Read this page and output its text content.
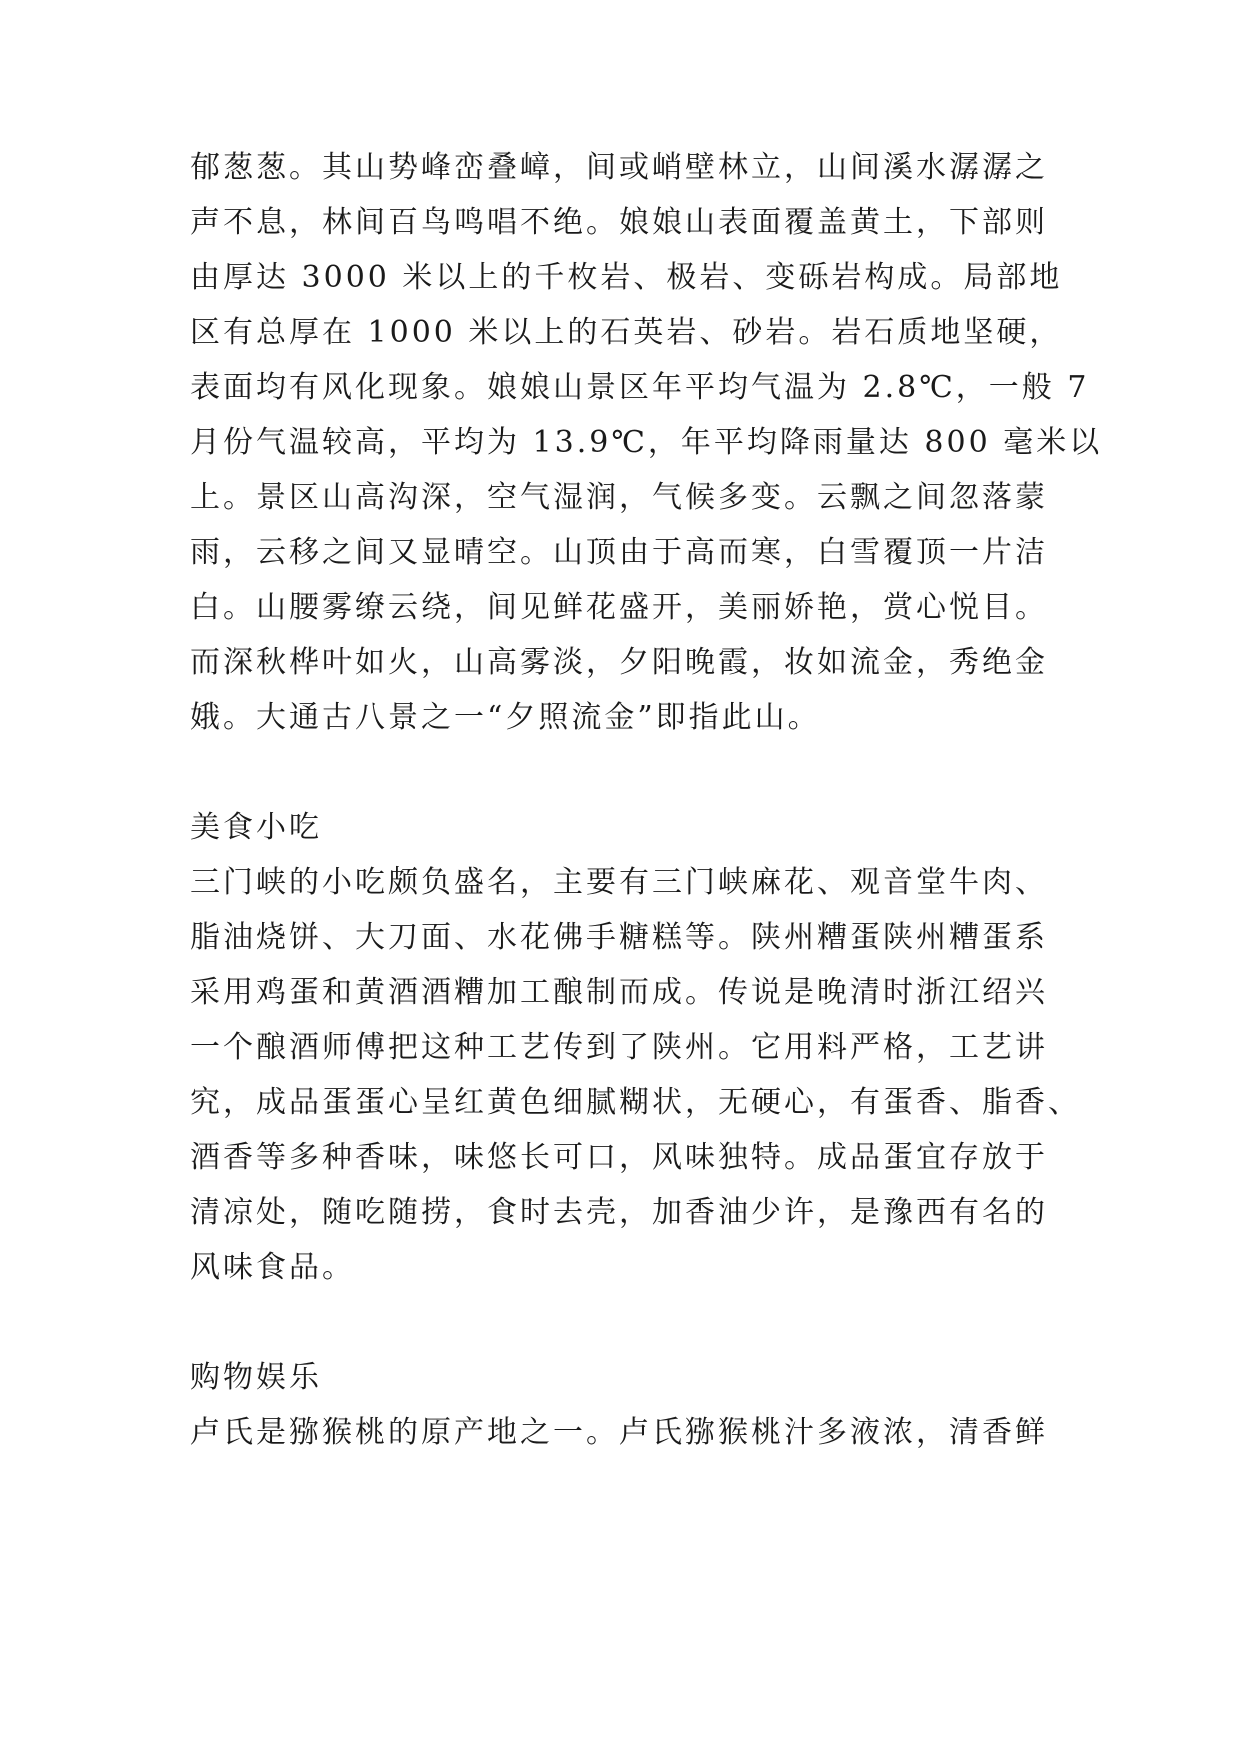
郁葱葱。其山势峰峦叠嶂，间或峭壁林立，山间溪水潺潺之
声不息，林间百鸟鸣唱不绝。娘娘山表面覆盖黄土，下部则
由厚达 3000 米以上的千枚岩、极岩、变砾岩构成。局部地
区有总厚在 1000 米以上的石英岩、砂岩。岩石质地坚硬，
表面均有风化现象。娘娘山景区年平均气温为 2.8℃，一般 7
月份气温较高，平均为 13.9℃，年平均降雨量达 800 毫米以
上。景区山高沟深，空气湿润，气候多变。云飘之间忽落蒙
雨，云移之间又显晴空。山顶由于高而寒，白雪覆顶一片洁
白。山腰雾缭云绕，间见鲜花盛开，美丽娇艳，赏心悦目。
而深秋桦叶如火，山高雾淡，夕阳晚霞，妆如流金，秀绝金
娥。大通古八景之一“夕照流金”即指此山。
美食小吃
三门峡的小吃颇负盛名，主要有三门峡麻花、观音堂牛肉、
脂油烧饼、大刀面、水花佛手糖糕等。陕州糟蛋陕州糟蛋系
采用鸡蛋和黄酒酒糟加工酿制而成。传说是晚清时浙江绍兴
一个酿酒师傅把这种工艺传到了陕州。它用料严格，工艺讲
究，成品蛋蛋心呈红黄色细腻糊状，无硬心，有蛋香、脂香、
酒香等多种香味，味悠长可口，风味独特。成品蛋宜存放于
清凉处，随吃随捞，食时去壳，加香油少许，是豫西有名的
风味食品。
购物娱乐
卢氏是猕猴桃的原产地之一。卢氏猕猴桃汁多液浓，清香鲜
